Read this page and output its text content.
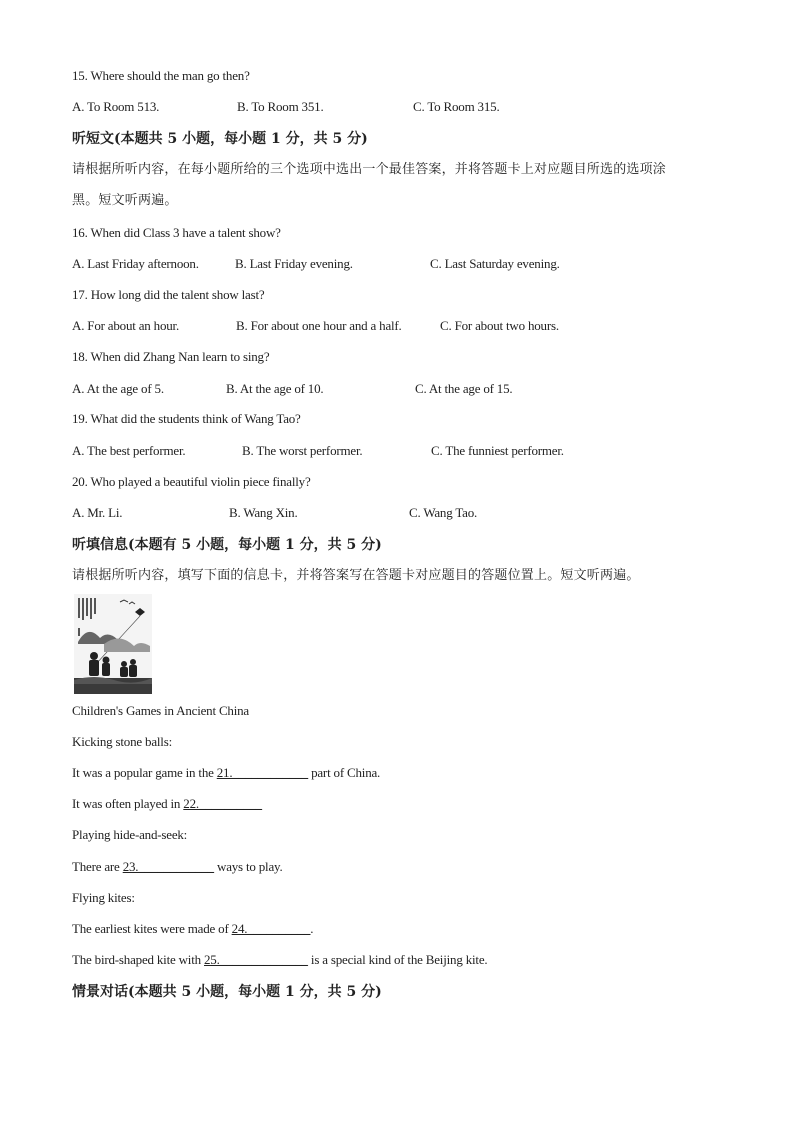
15. Where should the man go then?
A. To Room 513.	B. To Room 351.	C. To Room 315.
听短文(本题共 5 小题，每小题 1 分，共 5 分)
请根据所听内容，在每小题所给的三个选项中选出一个最佳答案，并将答题卡上对应题目所选的选项涂
黑。短文听两遍。
16. When did Class 3 have a talent show?
A. Last Friday afternoon.	B. Last Friday evening.	C. Last Saturday evening.
17. How long did the talent show last?
A. For about an hour.	B. For about one hour and a half.	C. For about two hours.
18. When did Zhang Nan learn to sing?
A. At the age of 5.	B. At the age of 10.	C. At the age of 15.
19. What did the students think of Wang Tao?
A. The best performer.	B. The worst performer.	C. The funniest performer.
20. Who played a beautiful violin piece finally?
A. Mr. Li.	B. Wang Xin.	C. Wang Tao.
听填信息(本题有 5 小题，每小题 1 分，共 5 分)
请根据所听内容，填写下面的信息卡，并将答案写在答题卡对应题目的答题位置上。短文听两遍。
Children's Games in Ancient China
Kicking stone balls:
It was a popular game in the 21.____________ part of China.
It was often played in 22.__________
Playing hide-and-seek:
There are 23.____________ ways to play.
Flying kites:
The earliest kites were made of 24.__________.
The bird-shaped kite with 25.______________ is a special kind of the Beijing kite.
情景对话(本题共 5 小题，每小题 1 分，共 5 分)
